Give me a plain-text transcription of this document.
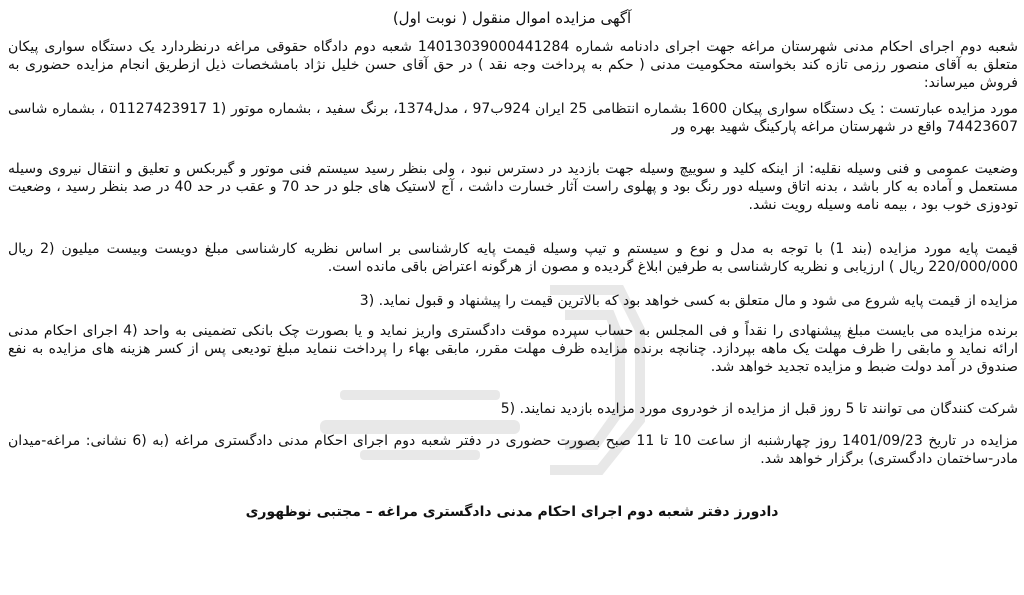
آگهی مزایده اموال منقول ( نوبت اول)
شعبه دوم اجرای احکام مدنی شهرستان مراغه جهت اجرای دادنامه شماره 14013039000441284 شعبه دوم دادگاه حقوقی مراغه درنظردارد یک دستگاه سواری پیکان متعلق به آقای منصور رزمی تازه کند بخواسته محکومیت مدنی ( حکم به پرداخت وجه نقد ) در حق آقای حسن خلیل نژاد بامشخصات ذیل ازطریق انجام مزایده حضوری به فروش میرساند:
مورد مزایده عبارتست : یک دستگاه سواری پیکان 1600 بشماره انتظامی 25 ایران 924ب97 ، مدل1374، برنگ سفید ، بشماره موتور (1 01127423917 ، بشماره شاسی 74423607 واقع در شهرستان مراغه پارکینگ شهید بهره ور
وضعیت عمومی و فنی وسیله نقلیه: از اینکه کلید و سوییچ وسیله جهت بازدید در دسترس نبود ، ولی بنظر رسید سیستم فنی موتور و گیربکس و تعلیق و انتقال نیروی وسیله مستعمل و آماده به کار باشد ، بدنه اتاق وسیله دور رنگ بود و پهلوی راست آثار خسارت داشت ، آج لاستیک های جلو در حد 70 و عقب در حد 40 در صد بنظر رسید ، وضعیت تودوزی خوب بود ، بیمه نامه وسیله رویت نشد.
قیمت پایه مورد مزایده (بند 1) با توجه به مدل و نوع و سیستم و تیپ وسیله قیمت پایه کارشناسی بر اساس نظریه کارشناسی مبلغ دویست وبیست میلیون (2 ریال 220/000/000 ریال ) ارزیابی و نظریه کارشناسی به طرفین ابلاغ گردیده و مصون از هرگونه اعتراض باقی مانده است.
مزایده از قیمت پایه شروع می شود و مال متعلق به کسی خواهد بود که بالاترین قیمت را پیشنهاد و قبول نماید. (3
برنده مزایده می بایست مبلغ پیشنهادی را نقداً و فی المجلس به حساب سپرده موقت دادگستری واریز نماید و یا بصورت چک بانکی تضمینی به واحد (4 اجرای احکام مدنی ارائه نماید و مابقی را ظرف مهلت یک ماهه بپردازد. چنانچه برنده مزایده ظرف مهلت مقرر، مابقی بهاء را پرداخت ننماید مبلغ تودیعی پس از کسر هزینه های مزایده به نفع صندوق در آمد دولت ضبط و مزایده تجدید خواهد شد.
شرکت کنندگان می توانند تا 5 روز قبل از مزایده از خودروی مورد مزایده بازدید نمایند. (5
مزایده در تاریخ 1401/09/23 روز چهارشنبه از ساعت 10 تا 11 صبح بصورت حضوری در دفتر شعبه دوم اجرای احکام مدنی دادگستری مراغه (به (6 نشانی: مراغه-میدان مادر-ساختمان دادگستری) برگزار خواهد شد.
دادورز دفتر شعبه دوم اجرای احکام مدنی دادگستری مراغه – مجتبی نوظهوری
